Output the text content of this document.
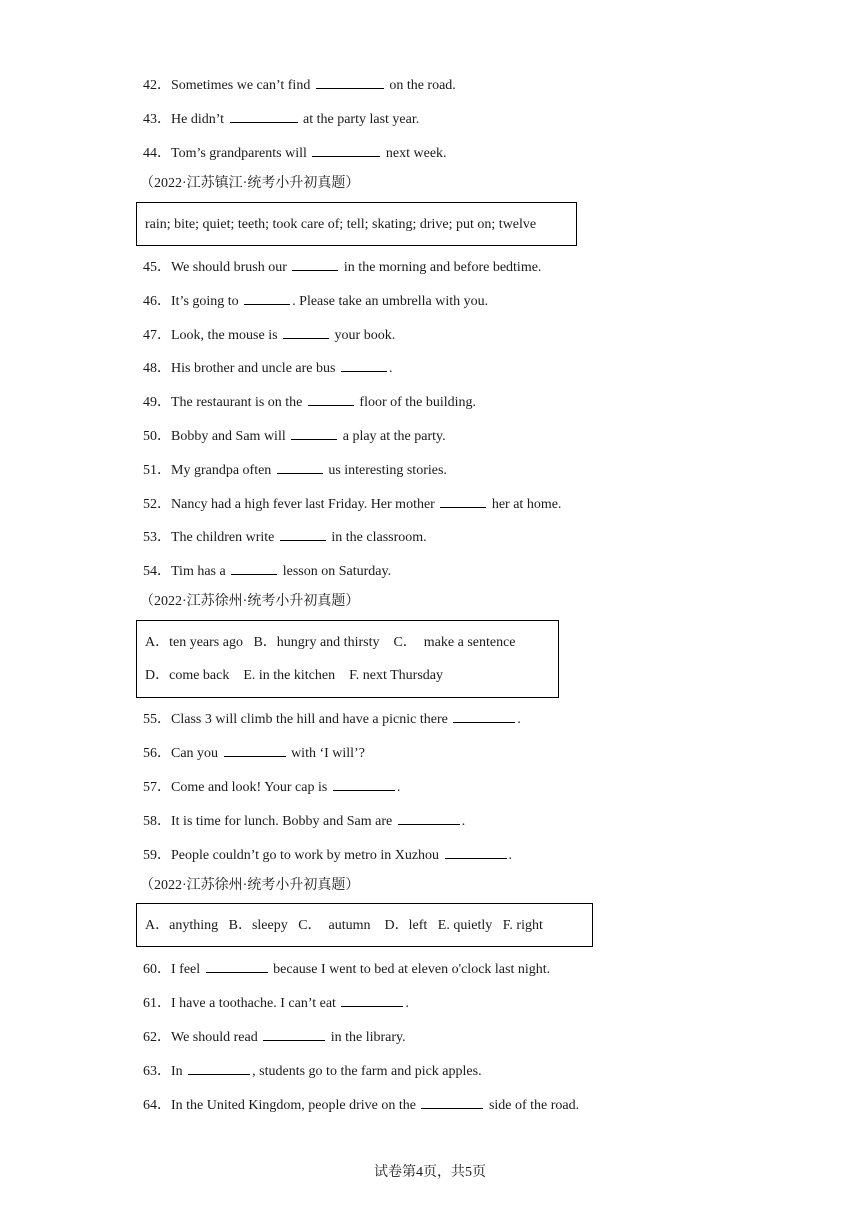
42．Sometimes we can’t find	on the road.
43．He didn’t	at the party last year.
44．Tom’s grandparents will	next week.
（2022·江苏镇江·统考小升初真题）
rain; bite; quiet; teeth; took care of; tell; skating; drive; put on; twelve
45．We should brush our	in the morning and before bedtime.
46．It’s going to	. Please take an umbrella with you.
47．Look, the mouse is	your book.
48．His brother and uncle are bus	.
49．The restaurant is on the	floor of the building.
50．Bobby and Sam will	a play at the party.
51．My grandpa often	us interesting stories.
52．Nancy had a high fever last Friday. Her mother	her at home.
53．The children write	in the classroom.
54．Tim has a	lesson on Saturday.
（2022·江苏徐州·统考小升初真题）
A．ten years ago   B．hungry and thirsty    C．  make a sentence
D．come back    E. in the kitchen    F. next Thursday
55．Class 3 will climb the hill and have a picnic there	.
56．Can you	with ‘I will’?
57．Come and look! Your cap is	.
58．It is time for lunch. Bobby and Sam are	.
59．People couldn’t go to work by metro in Xuzhou	.
（2022·江苏徐州·统考小升初真题）
A．anything   B．sleepy   C．  autumn    D．left   E. quietly   F. right
60．I feel	because I went to bed at eleven o'clock last night.
61．I have a toothache. I can’t eat	.
62．We should read	in the library.
63．In	, students go to the farm and pick apples.
64．In the United Kingdom, people drive on the	side of the road.
试卷第4页，共5页
